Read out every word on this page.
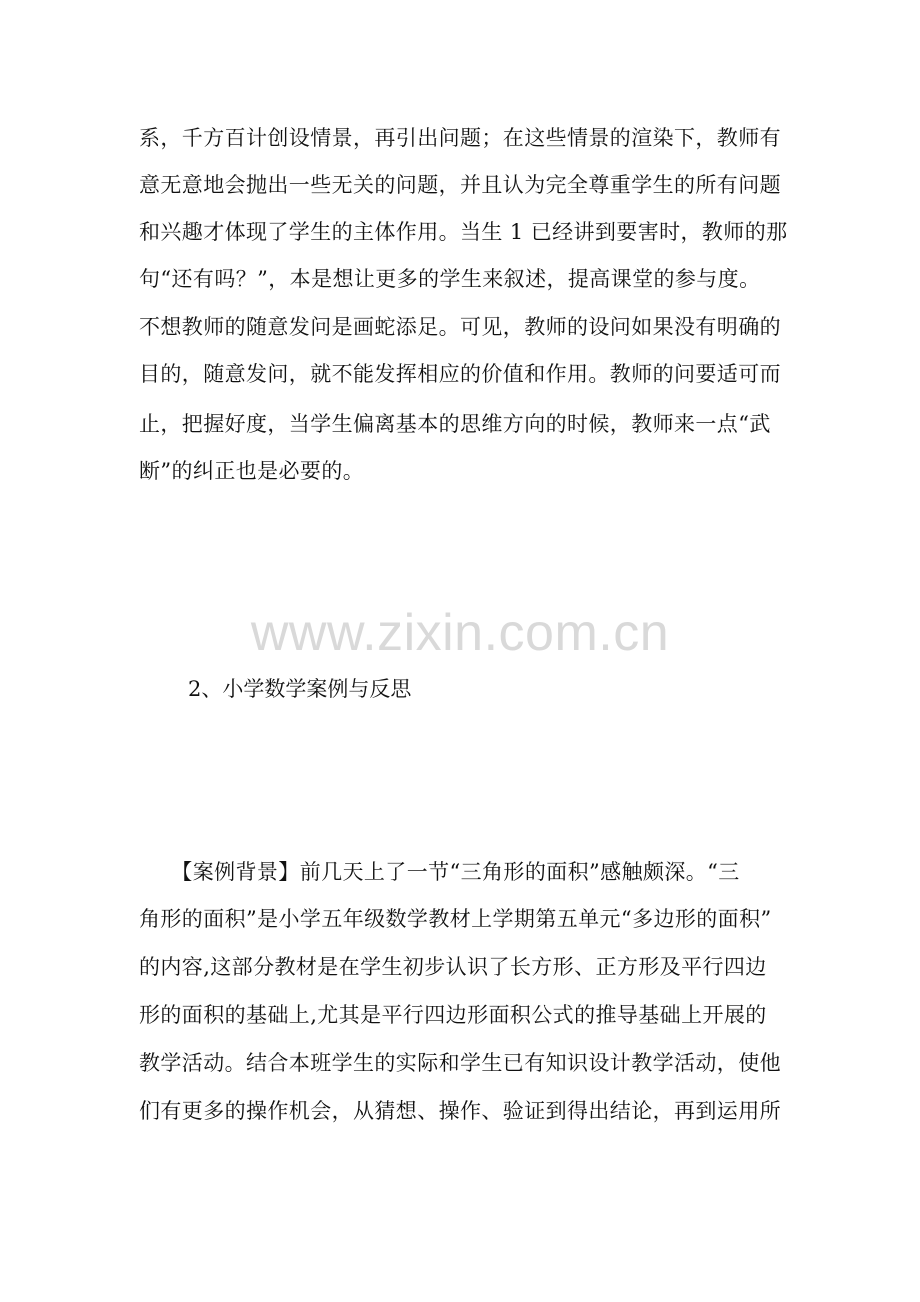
系，千方百计创设情景，再引出问题；在这些情景的渲染下，教师有
意无意地会抛出一些无关的问题，并且认为完全尊重学生的所有问题
和兴趣才体现了学生的主体作用。当生 1 已经讲到要害时，教师的那
句“还有吗？”，本是想让更多的学生来叙述，提高课堂的参与度。
不想教师的随意发问是画蛇添足。可见，教师的设问如果没有明确的
目的，随意发问，就不能发挥相应的价值和作用。教师的问要适可而
止，把握好度，当学生偏离基本的思维方向的时候，教师来一点“武
断”的纠正也是必要的。
www.zixin.com.cn
2、小学数学案例与反思
　　【案例背景】前几天上了一节“三角形的面积”感触颇深。“三
角形的面积”是小学五年级数学教材上学期第五单元“多边形的面积”
的内容,这部分教材是在学生初步认识了长方形、正方形及平行四边
形的面积的基础上,尤其是平行四边形面积公式的推导基础上开展的
教学活动。结合本班学生的实际和学生已有知识设计教学活动，使他
们有更多的操作机会，从猜想、操作、验证到得出结论，再到运用所
